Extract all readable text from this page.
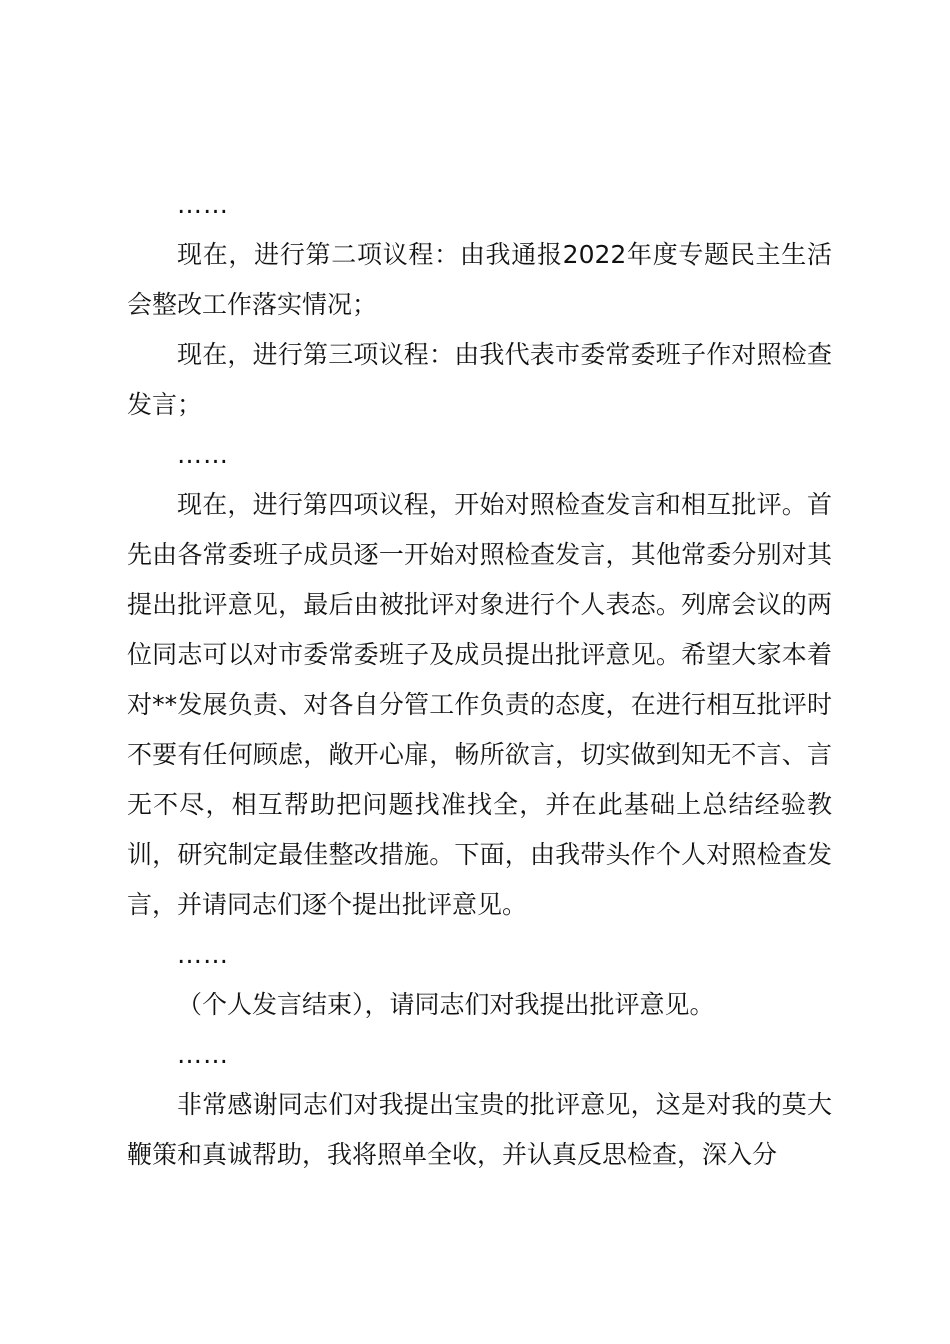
……

现在，进行第二项议程：由我通报2022年度专题民主生活会整改工作落实情况；

现在，进行第三项议程：由我代表市委常委班子作对照检查发言；

……

现在，进行第四项议程，开始对照检查发言和相互批评。首先由各常委班子成员逐一开始对照检查发言，其他常委分别对其提出批评意见，最后由被批评对象进行个人表态。列席会议的两位同志可以对市委常委班子及成员提出批评意见。希望大家本着对**发展负责、对各自分管工作负责的态度，在进行相互批评时不要有任何顾虑，敞开心扉，畅所欲言，切实做到知无不言、言无不尽，相互帮助把问题找准找全，并在此基础上总结经验教训，研究制定最佳整改措施。下面，由我带头作个人对照检查发言，并请同志们逐个提出批评意见。

……

（个人发言结束），请同志们对我提出批评意见。

……

非常感谢同志们对我提出宝贵的批评意见，这是对我的莫大鞭策和真诚帮助，我将照单全收，并认真反思检查，深入分
